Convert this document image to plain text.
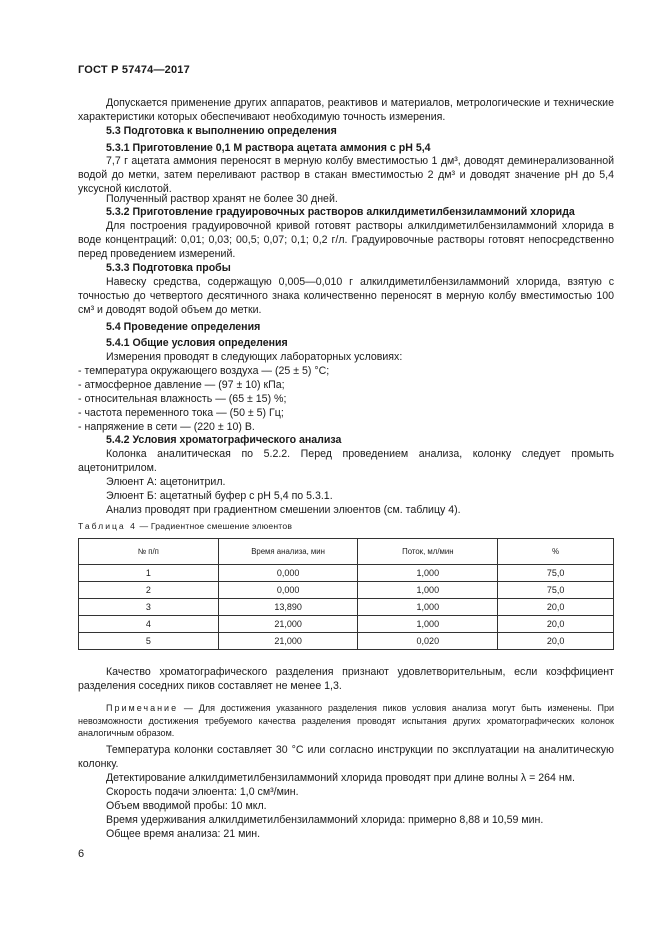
ГОСТ Р 57474—2017

Допускается применение других аппаратов, реактивов и материалов, метрологические и технические характеристики которых обеспечивают необходимую точность измерения.

5.3 Подготовка к выполнению определения

5.3.1 Приготовление 0,1 М раствора ацетата аммония с рН 5,4

7,7 г ацетата аммония переносят в мерную колбу вместимостью 1 дм³, доводят деминерализованной водой до метки, затем переливают раствор в стакан вместимостью 2 дм³ и доводят значение рН до 5,4 уксусной кислотой.

Полученный раствор хранят не более 30 дней.

5.3.2 Приготовление градуировочных растворов алкилдиметилбензиламмоний хлорида

Для построения градуировочной кривой готовят растворы алкилдиметилбензиламмоний хлорида в воде концентраций: 0,01; 0,03; 00,5; 0,07; 0,1; 0,2 г/л. Градуировочные растворы готовят непосредственно перед проведением измерений.

5.3.3 Подготовка пробы

Навеску средства, содержащую 0,005—0,010 г алкилдиметилбензиламмоний хлорида, взятую с точностью до четвертого десятичного знака количественно переносят в мерную колбу вместимостью 100 см³ и доводят водой объем до метки.

5.4 Проведение определения

5.4.1 Общие условия определения

Измерения проводят в следующих лабораторных условиях:

- температура окружающего воздуха — (25 ± 5) °С;

- атмосферное давление — (97 ± 10) кПа;

- относительная влажность — (65 ± 15) %;

- частота переменного тока — (50 ± 5) Гц;

- напряжение в сети — (220 ± 10) В.

5.4.2 Условия хроматографического анализа

Колонка аналитическая по 5.2.2. Перед проведением анализа, колонку следует промыть ацетонитрилом.

Элюент А: ацетонитрил.

Элюент Б: ацетатный буфер с рН 5,4 по 5.3.1.

Анализ проводят при градиентном смешении элюентов (см. таблицу 4).

Таблица 4 — Градиентное смешение элюентов
№ п/п	Время анализа, мин	Поток, мл/мин	%
1	0,000	1,000	75,0
2	0,000	1,000	75,0
3	13,890	1,000	20,0
4	21,000	1,000	20,0
5	21,000	0,020	20,0

Качество хроматографического разделения признают удовлетворительным, если коэффициент разделения соседних пиков составляет не менее 1,3.

Примечание — Для достижения указанного разделения пиков условия анализа могут быть изменены. При невозможности достижения требуемого качества разделения проводят испытания других хроматографических колонок аналогичным образом.

Температура колонки составляет 30 °С или согласно инструкции по эксплуатации на аналитическую колонку.

Детектирование алкилдиметилбензиламмоний хлорида проводят при длине волны λ = 264 нм.

Скорость подачи элюента: 1,0 см³/мин.

Объем вводимой пробы: 10 мкл.

Время удерживания алкилдиметилбензиламмоний хлорида: примерно 8,88 и 10,59 мин.

Общее время анализа: 21 мин.

6
